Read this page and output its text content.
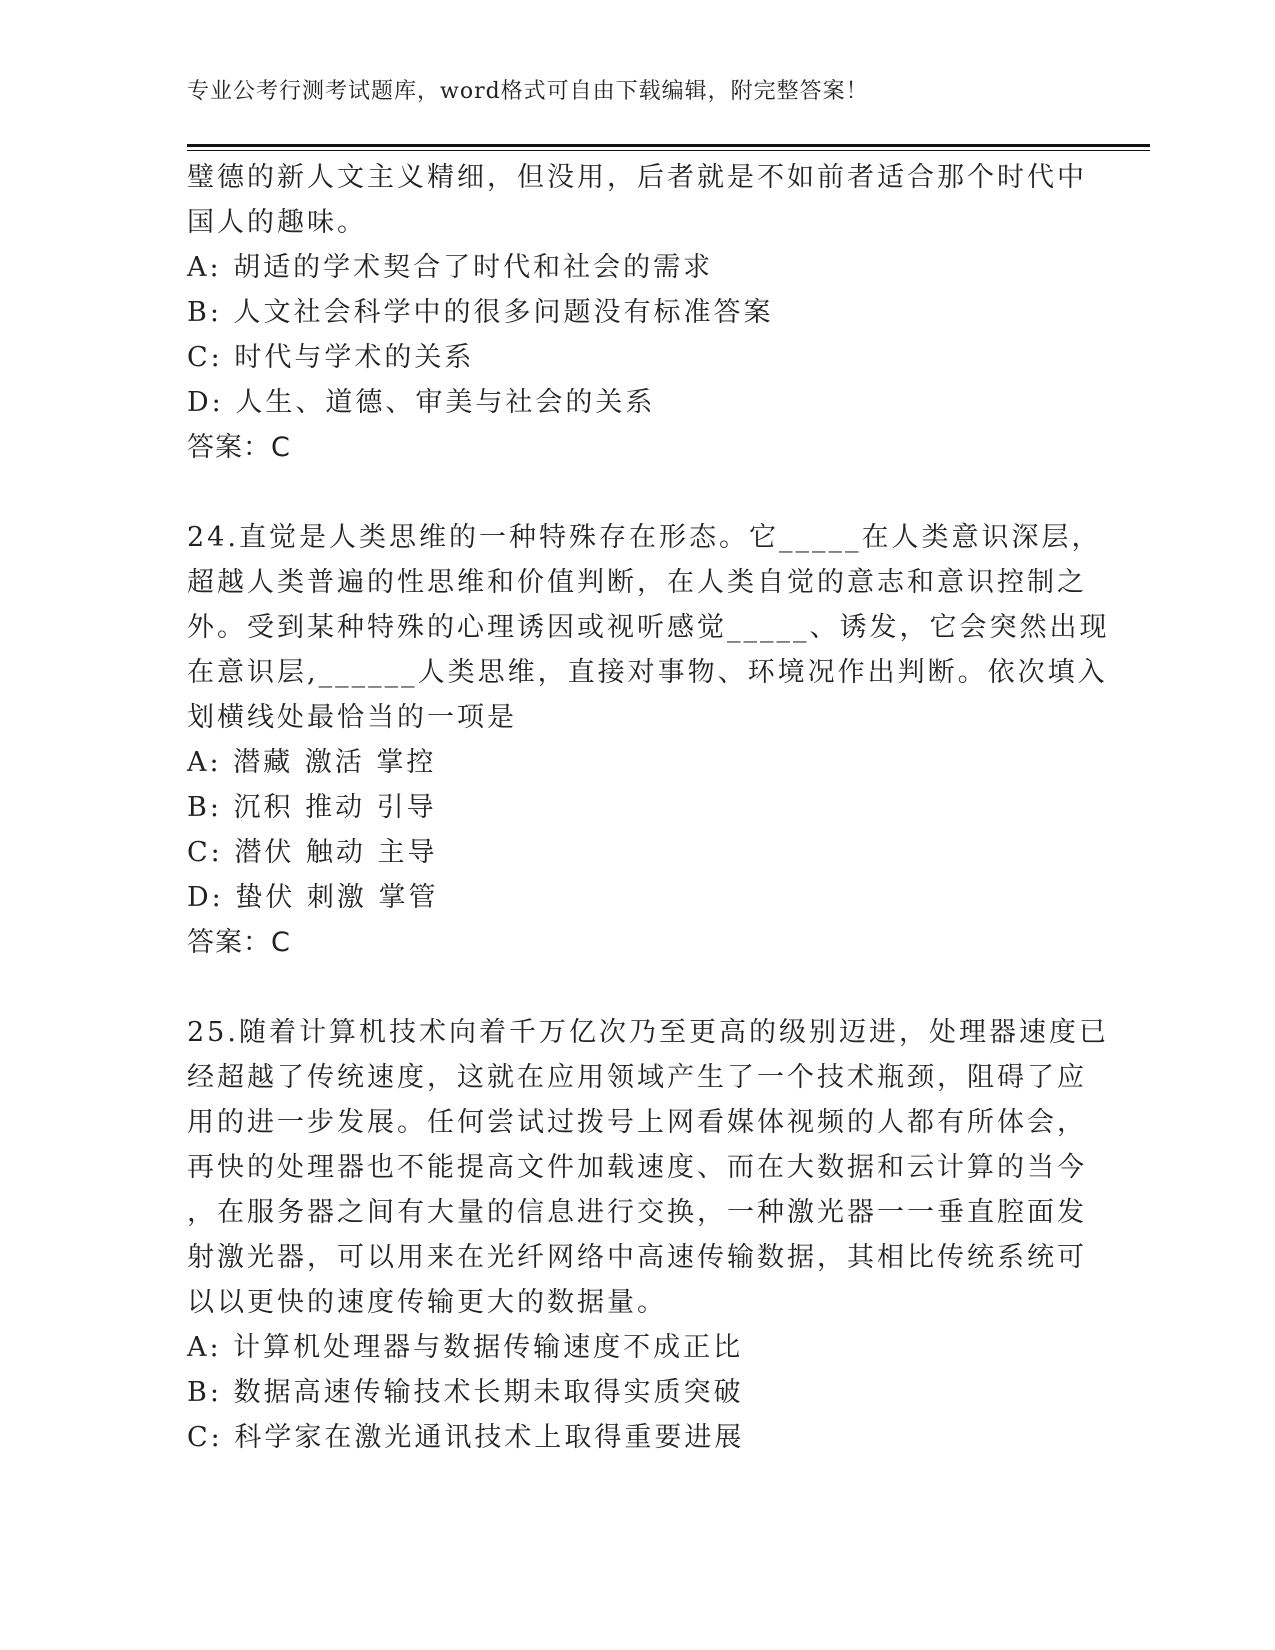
专业公考行测考试题库，word格式可自由下载编辑，附完整答案！
璧德的新人文主义精细，但没用，后者就是不如前者适合那个时代中
国人的趣味。
A: 胡适的学术契合了时代和社会的需求
B: 人文社会科学中的很多问题没有标准答案
C: 时代与学术的关系
D: 人生、道德、审美与社会的关系
答案：C
24.直觉是人类思维的一种特殊存在形态。它_____在人类意识深层，
超越人类普遍的性思维和价值判断，在人类自觉的意志和意识控制之
外。受到某种特殊的心理诱因或视听感觉_____、诱发，它会突然出现
在意识层,______人类思维，直接对事物、环境况作出判断。依次填入
划横线处最恰当的一项是
A: 潜藏 激活 掌控
B: 沉积 推动 引导
C: 潜伏 触动 主导
D: 蛰伏 刺激 掌管
答案：C
25.随着计算机技术向着千万亿次乃至更高的级别迈进，处理器速度已
经超越了传统速度，这就在应用领域产生了一个技术瓶颈，阻碍了应
用的进一步发展。任何尝试过拨号上网看媒体视频的人都有所体会，
再快的处理器也不能提高文件加载速度、而在大数据和云计算的当今
，在服务器之间有大量的信息进行交换，一种激光器一一垂直腔面发
射激光器，可以用来在光纤网络中高速传输数据，其相比传统系统可
以以更快的速度传输更大的数据量。
A: 计算机处理器与数据传输速度不成正比
B: 数据高速传输技术长期未取得实质突破
C: 科学家在激光通讯技术上取得重要进展
